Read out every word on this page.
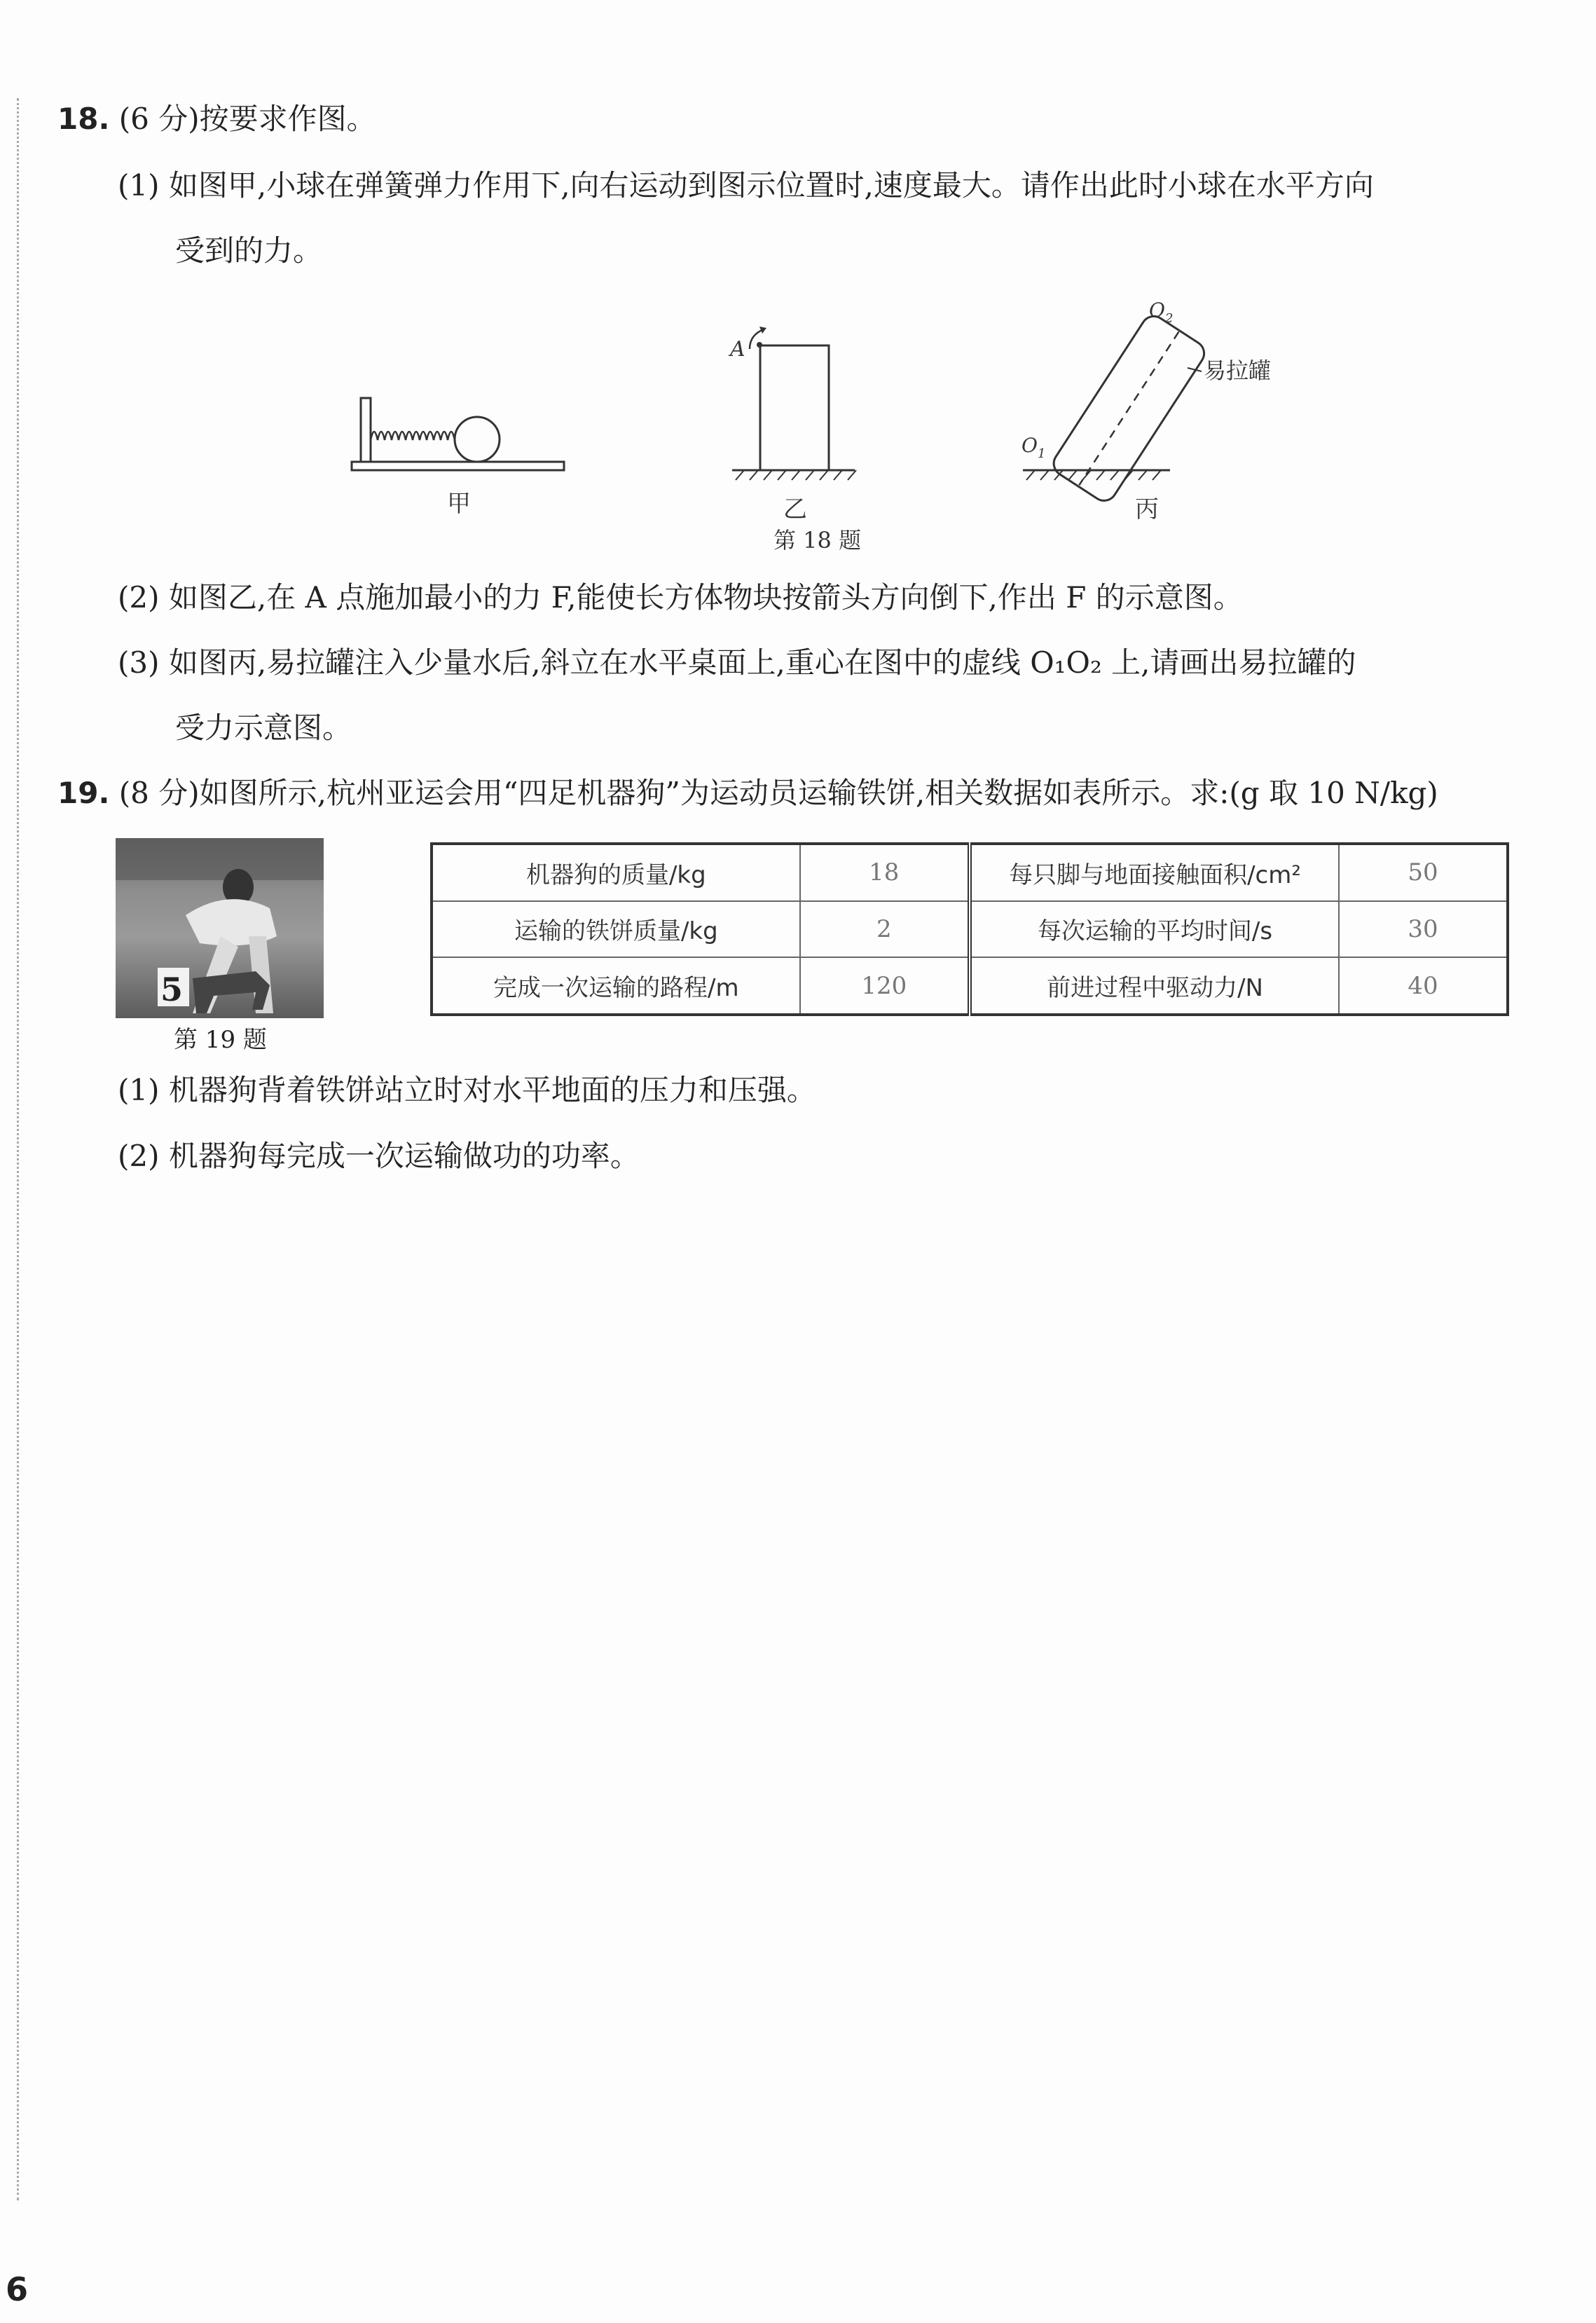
18. (6 分)按要求作图。
(1) 如图甲,小球在弹簧弹力作用下,向右运动到图示位置时,速度最大。请作出此时小球在水平方向
受到的力。
甲
A
乙
第 18 题
易拉罐
$O_2$
$O_1$
丙
(2) 如图乙,在 A 点施加最小的力 F,能使长方体物块按箭头方向倒下,作出 F 的示意图。
(3) 如图丙,易拉罐注入少量水后,斜立在水平桌面上,重心在图中的虚线 O₁O₂ 上,请画出易拉罐的
受力示意图。
19. (8 分)如图所示,杭州亚运会用“四足机器狗”为运动员运输铁饼,相关数据如表所示。求:(g 取 10 N/kg)
5
第 19 题
机器狗的质量/kg	18	每只脚与地面接触面积/cm²	50
运输的铁饼质量/kg	2	每次运输的平均时间/s	30
完成一次运输的路程/m	120	前进过程中驱动力/N	40
(1) 机器狗背着铁饼站立时对水平地面的压力和压强。
(2) 机器狗每完成一次运输做功的功率。
6
